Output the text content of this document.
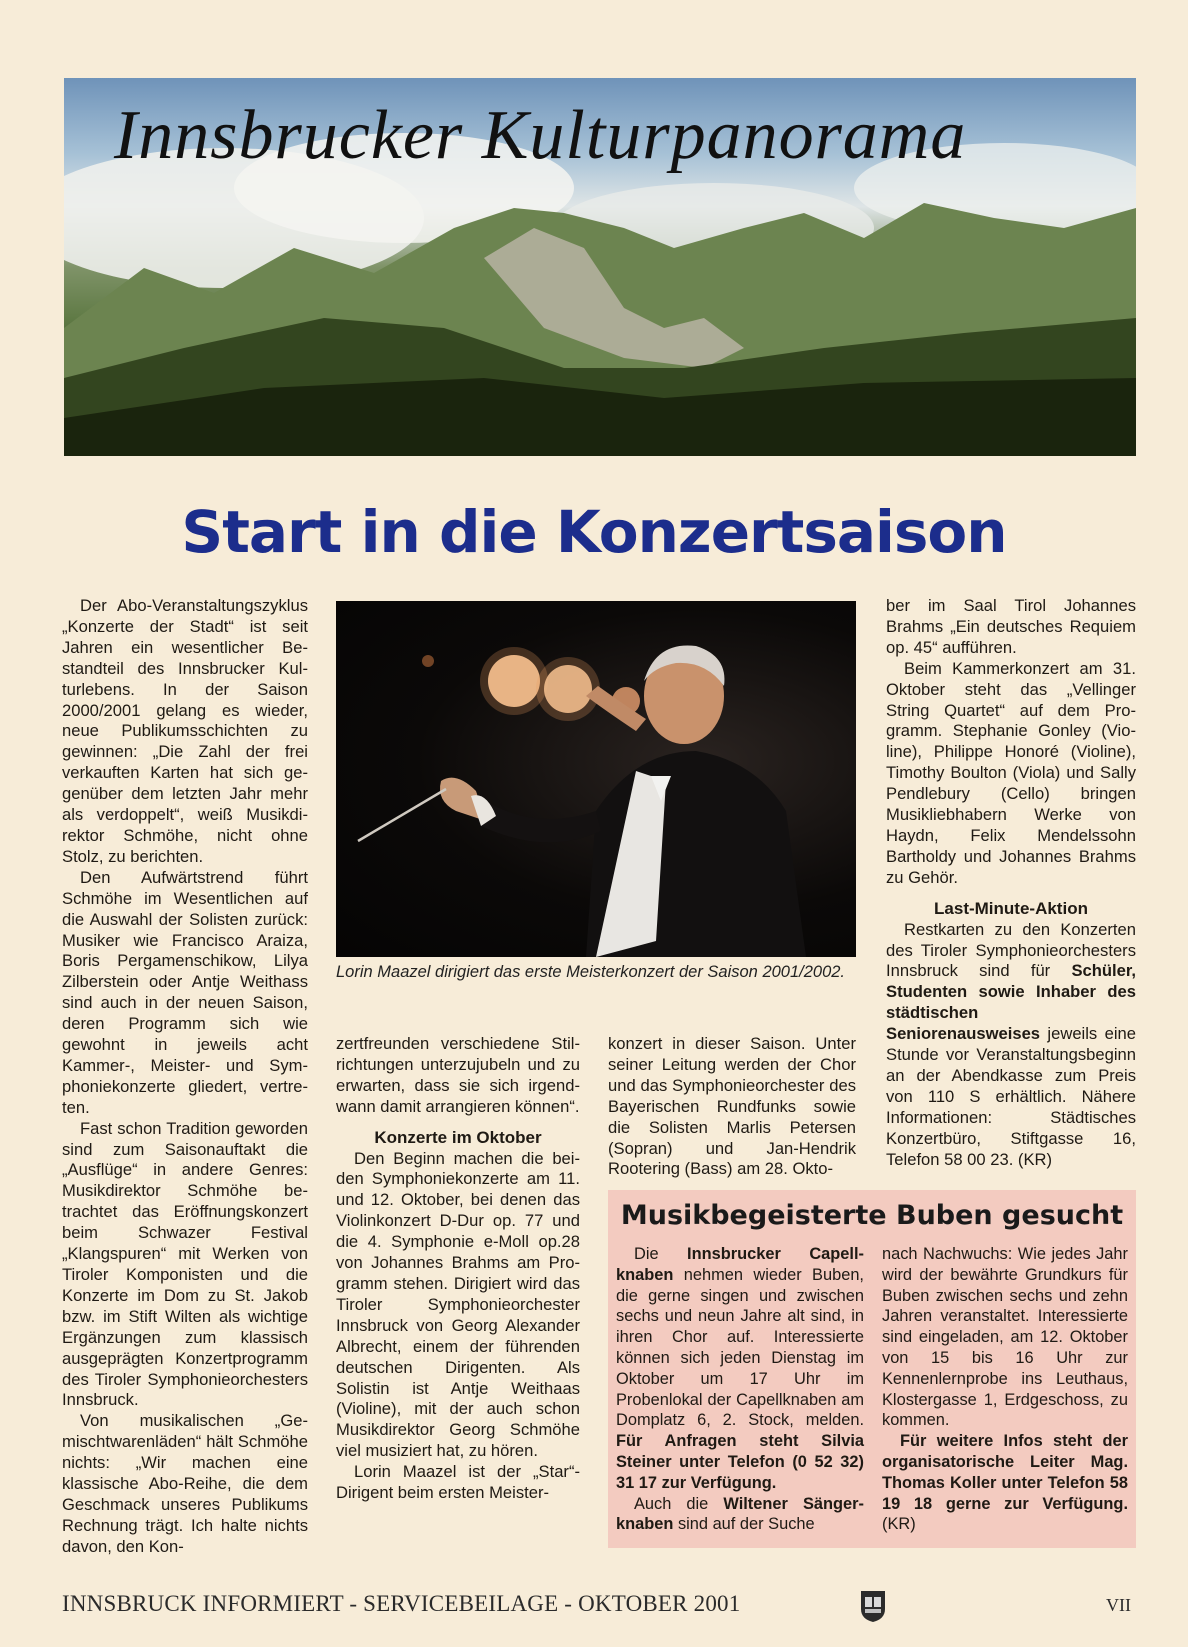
Innsbrucker Kulturpanorama
Start in die Konzertsaison

Der Abo-Veranstaltungszyklus „Konzerte der Stadt“ ist seit Jahren ein wesentlicher Bestandteil des Innsbrucker Kulturlebens. In der Saison 2000/2001 gelang es wieder, neue Publikumsschichten zu gewinnen: „Die Zahl der frei verkauften Karten hat sich gegenüber dem letzten Jahr mehr als verdoppelt“, weiß Musikdirektor Schmöhe, nicht ohne Stolz, zu berichten.

Den Aufwärtstrend führt Schmöhe im Wesentlichen auf die Auswahl der Solisten zurück: Musiker wie Francisco Araiza, Boris Pergamenschikow, Lilya Zilberstein oder Antje Weithass sind auch in der neuen Saison, deren Programm sich wie gewohnt in jeweils acht Kammer-, Meister- und Symphoniekonzerte gliedert, vertreten.

Fast schon Tradition geworden sind zum Saisonauftakt die „Ausflüge“ in andere Genres: Musikdirektor Schmöhe betrachtet das Eröffnungskonzert beim Schwazer Festival „Klangspuren“ mit Werken von Tiroler Komponisten und die Konzerte im Dom zu St. Jakob bzw. im Stift Wilten als wichtige Ergänzungen zum klassisch ausgeprägten Konzertprogramm des Tiroler Symphonieorchesters Innsbruck.

Von musikalischen „Gemischtwarenläden“ hält Schmöhe nichts: „Wir machen eine klassische Abo-Reihe, die dem Geschmack unseres Publikums Rechnung trägt. Ich halte nichts davon, den Kon-

Lorin Maazel dirigiert das erste Meisterkonzert der Saison 2001/2002.

zertfreunden verschiedene Stilrichtungen unterzujubeln und zu erwarten, dass sie sich irgendwann damit arrangieren können“.

Konzerte im Oktober

Den Beginn machen die beiden Symphoniekonzerte am 11. und 12. Oktober, bei denen das Violinkonzert D-Dur op. 77 und die 4. Symphonie e-Moll op.28 von Johannes Brahms am Programm stehen. Dirigiert wird das Tiroler Symphonieorchester Innsbruck von Georg Alexander Albrecht, einem der führenden deutschen Dirigenten. Als Solistin ist Antje Weithaas (Violine), mit der auch schon Musikdirektor Georg Schmöhe viel musiziert hat, zu hören.

Lorin Maazel ist der „Star“-Dirigent beim ersten Meister-

konzert in dieser Saison. Unter seiner Leitung werden der Chor und das Symphonieorchester des Bayerischen Rundfunks sowie die Solisten Marlis Petersen (Sopran) und Jan-Hendrik Rootering (Bass) am 28. Okto-

ber im Saal Tirol Johannes Brahms „Ein deutsches Requiem op. 45“ aufführen.

Beim Kammerkonzert am 31. Oktober steht das „Vellinger String Quartet“ auf dem Programm. Stephanie Gonley (Violine), Philippe Honoré (Violine), Timothy Boulton (Viola) und Sally Pendlebury (Cello) bringen Musikliebhabern Werke von Haydn, Felix Mendelssohn Bartholdy und Johannes Brahms zu Gehör.

Last-Minute-Aktion

Restkarten zu den Konzerten des Tiroler Symphonieorchesters Innsbruck sind für Schüler, Studenten sowie Inhaber des städtischen Seniorenausweises jeweils eine Stunde vor Veranstaltungsbeginn an der Abendkasse zum Preis von 110 S erhältlich. Nähere Informationen: Städtisches Konzertbüro, Stiftgasse 16, Telefon 58 00 23. (KR)

Musikbegeisterte Buben gesucht

Die Innsbrucker Capellknaben nehmen wieder Buben, die gerne singen und zwischen sechs und neun Jahre alt sind, in ihren Chor auf. Interessierte können sich jeden Dienstag im Oktober um 17 Uhr im Probenlokal der Capellknaben am Domplatz 6, 2. Stock, melden. Für Anfragen steht Silvia Steiner unter Telefon (0 52 32) 31 17 zur Verfügung.

Auch die Wiltener Sängerknaben sind auf der Suche

nach Nachwuchs: Wie jedes Jahr wird der bewährte Grundkurs für Buben zwischen sechs und zehn Jahren veranstaltet. Interessierte sind eingeladen, am 12. Oktober von 15 bis 16 Uhr zur Kennenlernprobe ins Leuthaus, Klostergasse 1, Erdgeschoss, zu kommen.

Für weitere Infos steht der organisatorische Leiter Mag. Thomas Koller unter Telefon 58 19 18 gerne zur Verfügung. (KR)

INNSBRUCK INFORMIERT - SERVICEBEILAGE - OKTOBER 2001	VII
